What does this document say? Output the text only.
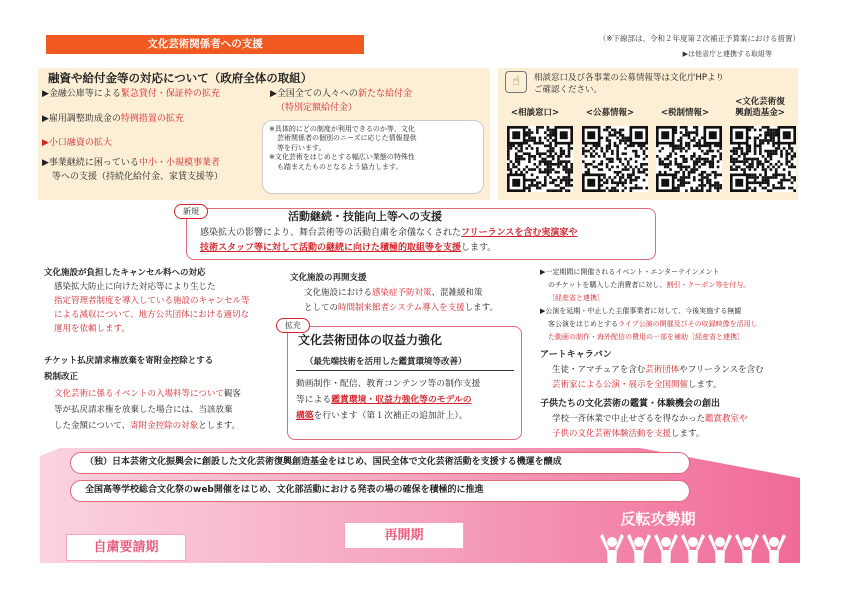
文化芸術関係者への支援	（※下線部は、令和２年度第２次補正予算案における措置）
▶は他省庁と連携する取組等
融資や給付金等の対応について（政府全体の取組）
▶金融公庫等による緊急貸付・保証枠の拡充	▶全国全ての人々への新たな給付金
（特別定額給付金）
▶雇用調整助成金の特例措置の拡充
▶小口融資の拡大
▶事業継続に困っている中小・小規模事業者
等への支援（持続化給付金、家賃支援等）
※具体的にどの制度が利用できるのか等、文化
芸術関係者の個別のニーズに応じた情報提供
等を行います。
※文化芸術をはじめとする幅広い業態の特殊性
も踏まえたものとなるよう協力します。
☝	相談窓口及び各事業の公募情報等は文化庁HPより
ご確認ください。
<相談窓口>	<公募情報>	<税制情報>
<文化芸術復
興創造基金>
新規	活動継続・技能向上等への支援
感染拡大の影響により、舞台芸術等の活動自粛を余儀なくされたフリーランスを含む実演家や
技術スタッフ等に対して活動の継続に向けた積極的取組等を支援します。
文化施設が負担したキャンセル料への対応
感染拡大防止に向けた対応等により生じた
指定管理者制度を導入している施設のキャンセル等
による減収について、地方公共団体における適切な
運用を依頼します。
チケット払戻請求権放棄を寄附金控除とする
税制改正
文化芸術に係るイベントの入場料等について観客
等が払戻請求権を放棄した場合には、当該放棄
した金額について、寄附金控除の対象とします。
文化施設の再開支援
文化施設における感染症予防対策、混雑緩和策
としての時間制来館者システム導入を支援します。
拡充
文化芸術団体の収益力強化
（最先端技術を活用した鑑賞環境等改善）
動画制作・配信、教育コンテンツ等の制作支援
等による鑑賞環境・収益力強化等のモデルの
構築を行います（第１次補正の追加計上）。
▶一定期間に開催されるイベント・エンターテインメント
のチケットを購入した消費者に対し、割引・クーポン等を付与。
［経産省と連携］
▶公演を延期・中止した主催事業者に対して、今後実施する無観
客公演をはじめとするライブ公演の開催及びその収録映像を活用し
た動画の制作・海外配信の費用の一部を補助［経産省と連携］
アートキャラバン
生徒・アマチュアを含む芸術団体やフリーランスを含む
芸術家による公演・展示を全国開催します。
子供たちの文化芸術の鑑賞・体験機会の創出
学校一斉休業で中止せざるを得なかった鑑賞教室や
子供の文化芸術体験活動を支援します。
（独）日本芸術文化振興会に創設した文化芸術復興創造基金をはじめ、国民全体で文化芸術活動を支援する機運を醸成
全国高等学校総合文化祭のweb開催をはじめ、文化部活動における発表の場の確保を積極的に推進
自粛要請期
再開期
反転攻勢期
